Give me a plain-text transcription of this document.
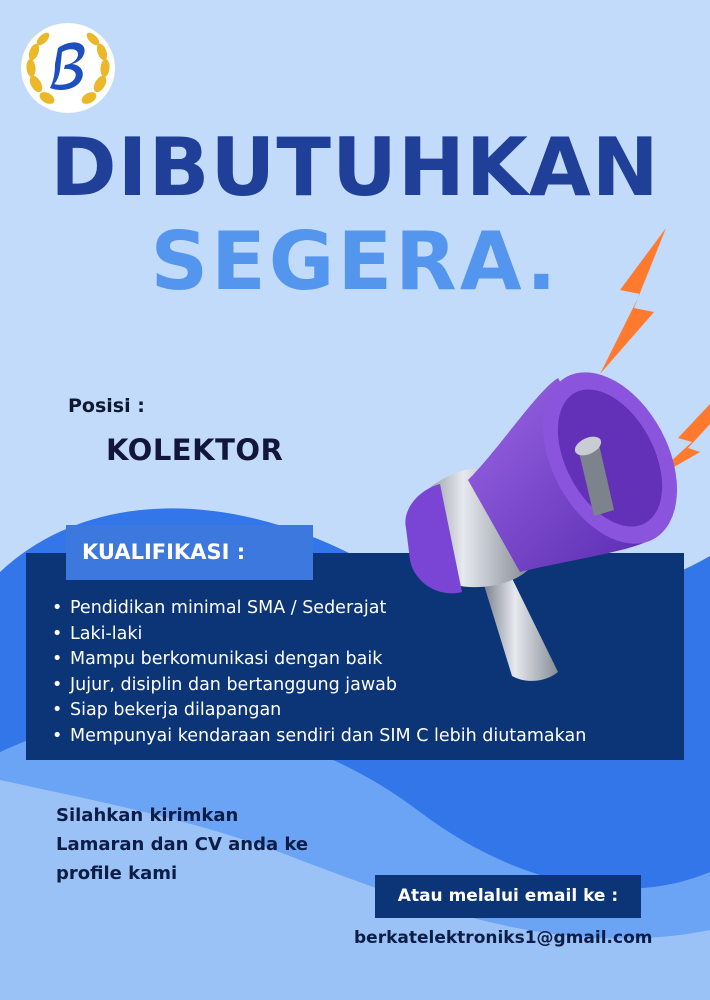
DIBUTUHKAN
SEGERA.
Posisi :
KOLEKTOR
KUALIFIKASI :
• Pendidikan minimal SMA / Sederajat
• Laki-laki
• Mampu berkomunikasi dengan baik
• Jujur, disiplin dan bertanggung jawab
• Siap bekerja dilapangan
• Mempunyai kendaraan sendiri dan SIM C lebih diutamakan
Silahkan kirimkan
Lamaran dan CV anda ke
profile kami
Atau melalui email ke :
berkatelektroniks1@gmail.com
